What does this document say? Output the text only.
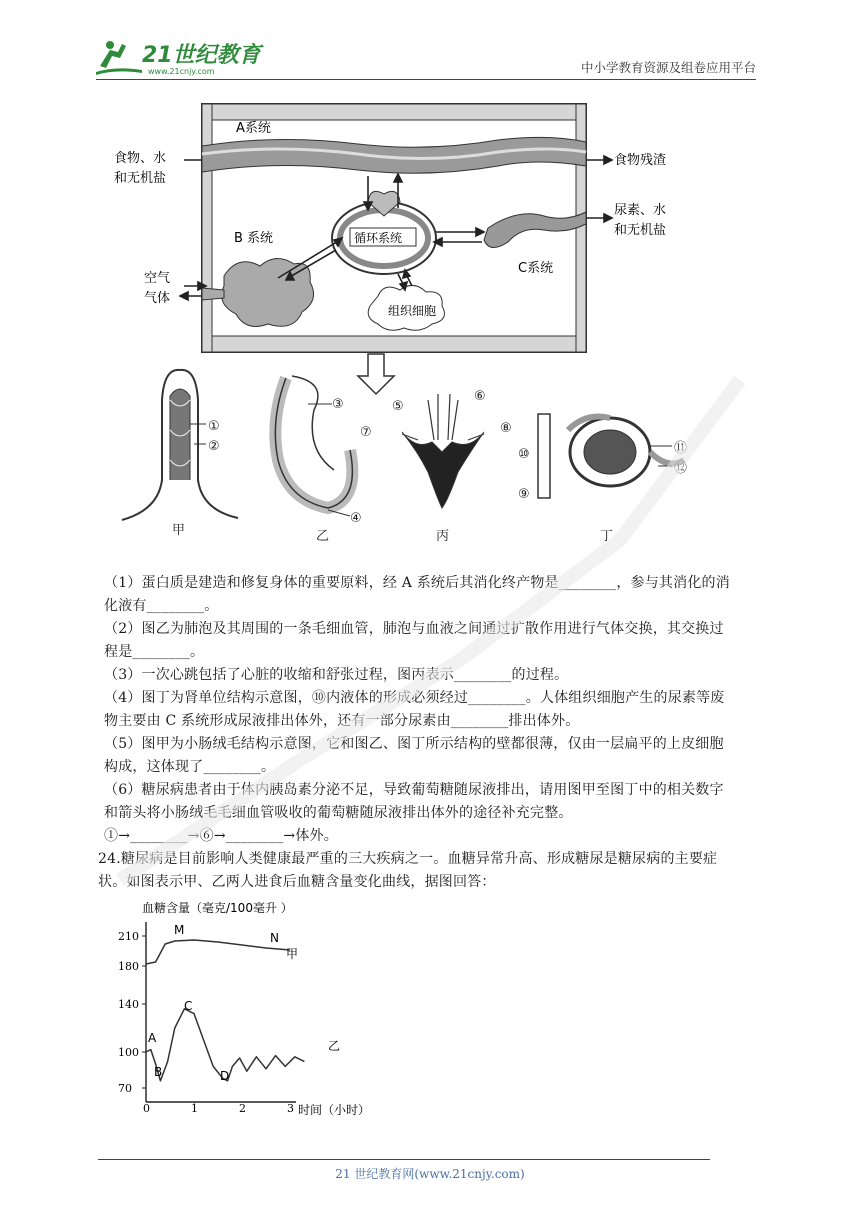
21世纪教育
www.21cnjy.com	中小学教育资源及组卷应用平台
A系统
循环系统
B 系统
C系统
组织细胞
食物、水
和无机盐
食物残渣
尿素、水
和无机盐
空气
气体
甲	乙	丙	丁
①
②
③
④
⑤
⑥
⑦	⑧
⑨
⑩	⑪
⑫
（1）蛋白质是建造和修复身体的重要原料，经 A 系统后其消化终产物是________，参与其消化的消
化液有________。
（2）图乙为肺泡及其周围的一条毛细血管，肺泡与血液之间通过扩散作用进行气体交换，其交换过
程是________。
（3）一次心跳包括了心脏的收缩和舒张过程，图丙表示________的过程。
（4）图丁为肾单位结构示意图，⑩内液体的形成必须经过________。人体组织细胞产生的尿素等废
物主要由 C 系统形成尿液排出体外，还有一部分尿素由________排出体外。
（5）图甲为小肠绒毛结构示意图，它和图乙、图丁所示结构的壁都很薄，仅由一层扁平的上皮细胞
构成，这体现了________。
（6）糖尿病患者由于体内胰岛素分泌不足，导致葡萄糖随尿液排出，请用图甲至图丁中的相关数字
和箭头将小肠绒毛毛细血管吸收的葡萄糖随尿液排出体外的途径补充完整。
①→________→⑥→________→体外。
24.糖尿病是目前影响人类健康最严重的三大疾病之一。血糖异常升高、形成糖尿是糖尿病的主要症
状。如图表示甲、乙两人进食后血糖含量变化曲线，据图回答：
血糖含量（毫克/100毫升 ）
时间（小时）
70
100
140
180
210
0	1	2	3
M
N
A
B
C
D
甲
乙
21 世纪教育网(www.21cnjy.com)
